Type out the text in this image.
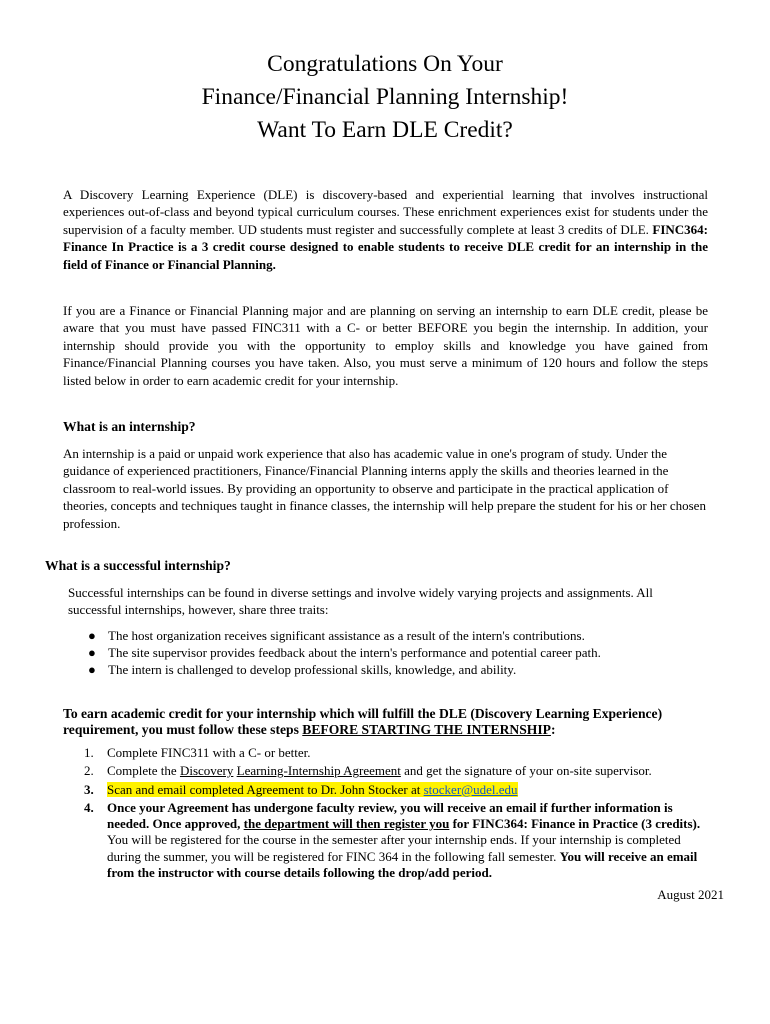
Congratulations On Your
Finance/Financial Planning Internship!
Want To Earn DLE Credit?
A Discovery Learning Experience (DLE) is discovery-based and experiential learning that involves instructional experiences out-of-class and beyond typical curriculum courses. These enrichment experiences exist for students under the supervision of a faculty member. UD students must register and successfully complete at least 3 credits of DLE. FINC364: Finance In Practice is a 3 credit course designed to enable students to receive DLE credit for an internship in the field of Finance or Financial Planning.
If you are a Finance or Financial Planning major and are planning on serving an internship to earn DLE credit, please be aware that you must have passed FINC311 with a C- or better BEFORE you begin the internship. In addition, your internship should provide you with the opportunity to employ skills and knowledge you have gained from Finance/Financial Planning courses you have taken. Also, you must serve a minimum of 120 hours and follow the steps listed below in order to earn academic credit for your internship.
What is an internship?
An internship is a paid or unpaid work experience that also has academic value in one's program of study. Under the guidance of experienced practitioners, Finance/Financial Planning interns apply the skills and theories learned in the classroom to real-world issues. By providing an opportunity to observe and participate in the practical application of theories, concepts and techniques taught in finance classes, the internship will help prepare the student for his or her chosen profession.
What is a successful internship?
Successful internships can be found in diverse settings and involve widely varying projects and assignments. All successful internships, however, share three traits:
● The host organization receives significant assistance as a result of the intern's contributions.
● The site supervisor provides feedback about the intern's performance and potential career path.
● The intern is challenged to develop professional skills, knowledge, and ability.
To earn academic credit for your internship which will fulfill the DLE (Discovery Learning Experience) requirement, you must follow these steps BEFORE STARTING THE INTERNSHIP:
1. Complete FINC311 with a C- or better.
2. Complete the Discovery Learning-Internship Agreement and get the signature of your on-site supervisor.
3. Scan and email completed Agreement to Dr. John Stocker at stocker@udel.edu
4. Once your Agreement has undergone faculty review, you will receive an email if further information is needed. Once approved, the department will then register you for FINC364: Finance in Practice (3 credits). You will be registered for the course in the semester after your internship ends. If your internship is completed during the summer, you will be registered for FINC 364 in the following fall semester. You will receive an email from the instructor with course details following the drop/add period.
August 2021
